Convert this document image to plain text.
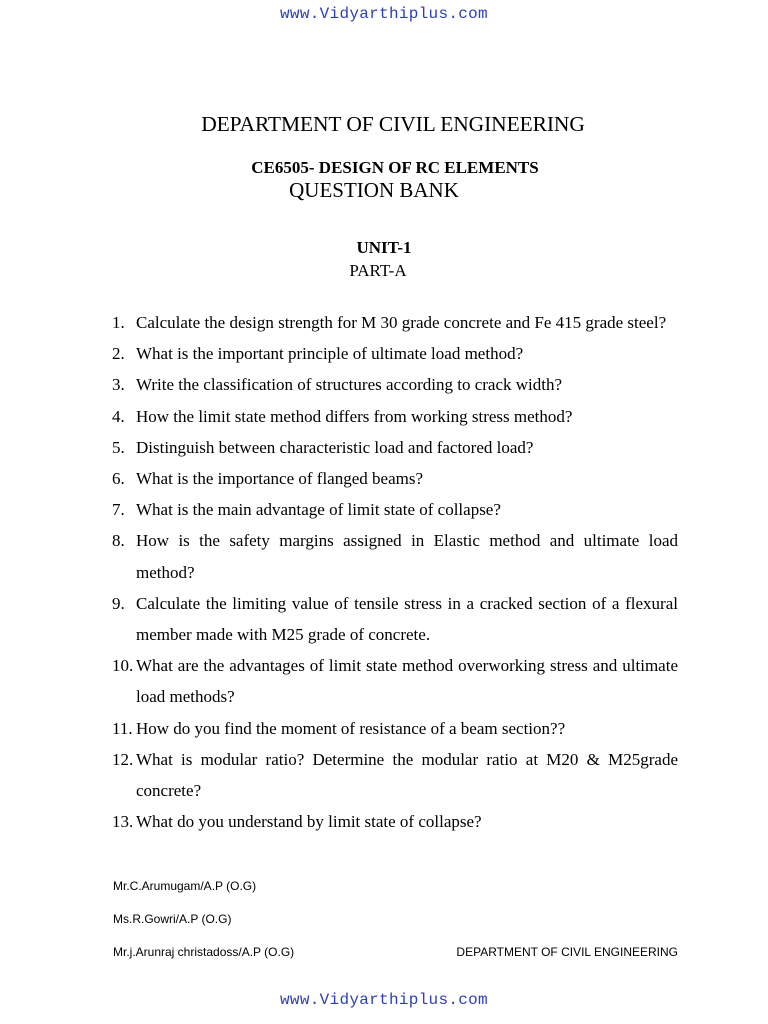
www.Vidyarthiplus.com
DEPARTMENT OF CIVIL ENGINEERING
CE6505- DESIGN OF RC ELEMENTS
QUESTION BANK
UNIT-1
PART-A
1. Calculate the design strength for M 30 grade concrete and Fe 415 grade steel?
2. What is the important principle of ultimate load method?
3. Write the classification of structures according to crack width?
4. How the limit state method differs from working stress method?
5. Distinguish between characteristic load and factored load?
6. What is the importance of flanged beams?
7. What is the main advantage of limit state of collapse?
8. How is the safety margins assigned in Elastic method and ultimate load method?
9. Calculate the limiting value of tensile stress in a cracked section of a flexural member made with M25 grade of concrete.
10. What are the advantages of limit state method overworking stress and ultimate load methods?
11. How do you find the moment of resistance of a beam section??
12. What is modular ratio? Determine the modular ratio at M20 & M25grade concrete?
13. What do you understand by limit state of collapse?
Mr.C.Arumugam/A.P (O.G)
Ms.R.Gowri/A.P (O.G)
Mr.j.Arunraj christadoss/A.P (O.G)	DEPARTMENT OF CIVIL ENGINEERING
www.Vidyarthiplus.com
